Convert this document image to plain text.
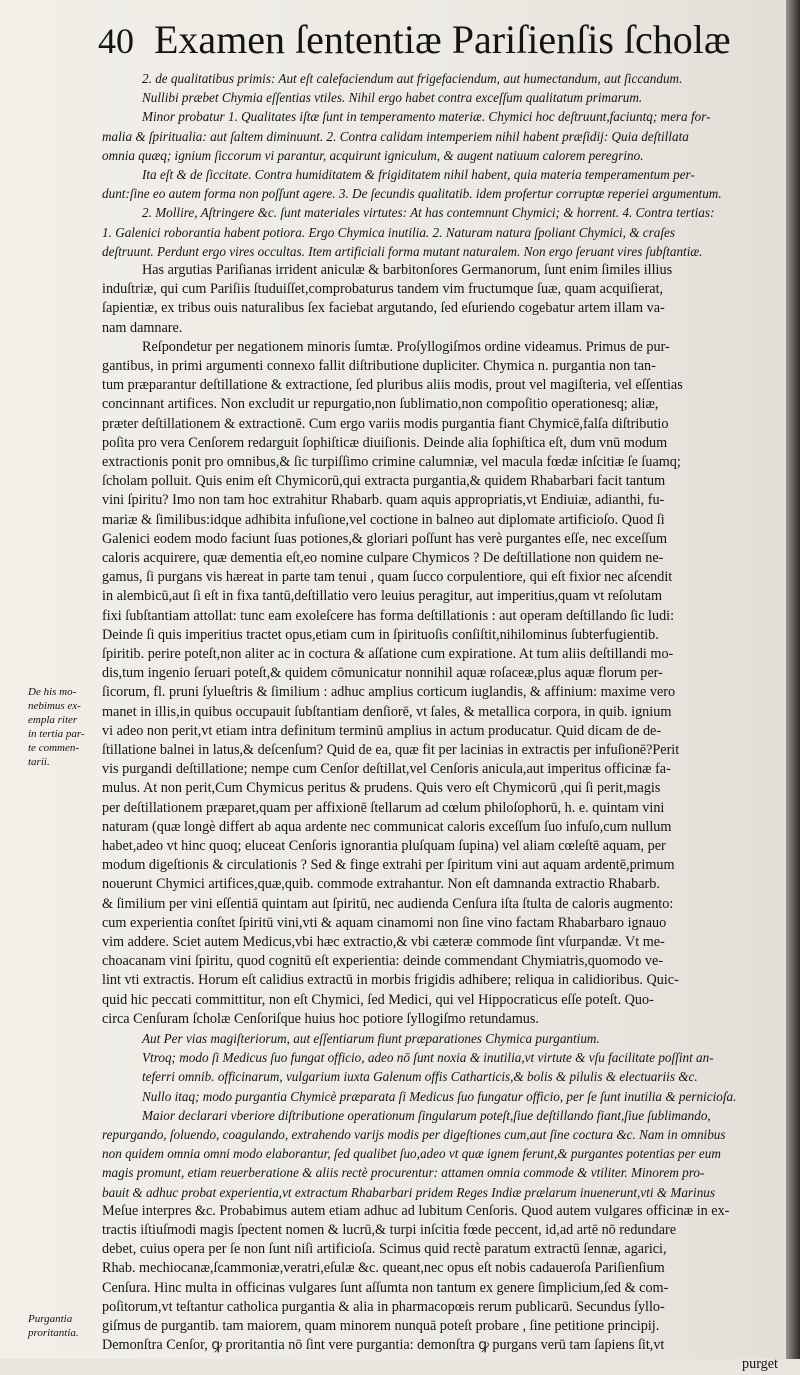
40 Examen ſententiæ Pariſienſis ſcholæ
2. de qualitatibus primis: Aut eſt calefaciendum aut frigefaciendum, aut humectandum, aut ſiccandum.
Nullibi præbet Chymia eſſentias vtiles. Nihil ergo habet contra exceſſum qualitatum primarum.
Minor probatur 1. Qualitates iſtæ ſunt in temperamento materiæ. Chymici hoc deſtruunt,faciuntq; mera for-
malia & ſpiritualia: aut ſaltem diminuunt. 2. Contra calidam intemperiem nihil habent præſidij: Quia deſtillata
omnia quæq; ignium ſiccorum vi parantur, acquirunt igniculum, & augent natiuum calorem peregrino.
Ita eſt & de ſiccitate. Contra humiditatem & frigiditatem nihil habent, quia materia temperamentum per-
dunt:ſine eo autem forma non poſſunt agere. 3. De ſecundis qualitatib. idem profertur corruptæ reperiei argumentum.
2. Mollire, Aſtringere &c. ſunt materiales virtutes: At has contemnunt Chymici; & horrent. 4. Contra tertias:
1. Galenici roborantia habent potiora. Ergo Chymica inutilia. 2. Naturam natura ſpoliant Chymici, & craſes
deſtruunt. Perdunt ergo vires occultas. Item artificiali forma mutant naturalem. Non ergo ſeruant vires ſubſtantiæ.
Has argutias Pariſianas irrident aniculæ & barbitonſores Germanorum, ſunt enim ſimiles illius
induſtriæ, qui cum Pariſiis ſtuduiſſet,comprobaturus tandem vim fructumque ſuæ, quam acquiſierat,
ſapientiæ, ex tribus ouis naturalibus ſex faciebat argutando, ſed eſuriendo cogebatur artem illam va-
nam damnare.
Reſpondetur per negationem minoris ſumtæ. Proſyllogiſmos ordine videamus. Primus de pur-
gantibus, in primi argumenti connexo fallit diſtributione dupliciter. Chymica n. purgantia non tan-
tum præparantur deſtillatione & extractione, ſed pluribus aliis modis, prout vel magiſteria, vel eſſentias
concinnant artifices. Non excludit ur repurgatio,non ſublimatio,non compoſitio operationesq; aliæ,
præter deſtillationem & extractionē. Cum ergo variis modis purgantia fiant Chymicē,falſa diſtributio
poſita pro vera Cenſorem redarguit ſophiſticæ diuiſionis. Deinde alia ſophiſtica eſt, dum vnū modum
extractionis ponit pro omnibus,& ſic turpiſſimo crimine calumniæ, vel macula fœdæ inſcitiæ ſe ſuamq;
ſcholam polluit. Quis enim eſt Chymicorū,qui extracta purgantia,& quidem Rhabarbari facit tantum
vini ſpiritu? Imo non tam hoc extrahitur Rhabarb. quam aquis appropriatis,vt Endiuiæ, adianthi, fu-
mariæ & ſimilibus:idque adhibita infuſione,vel coctione in balneo aut diplomate artificioſo. Quod ſi
Galenici eodem modo faciunt ſuas potiones,& gloriari poſſunt has verè purgantes eſſe, nec exceſſum
caloris acquirere, quæ dementia eſt,eo nomine culpare Chymicos ? De deſtillatione non quidem ne-
gamus, ſi purgans vis hæreat in parte tam tenui , quam ſucco corpulentiore, qui eſt fixior nec aſcendit
in alembicū,aut ſi eſt in fixa tantū,deſtillatio vero leuius peragitur, aut imperitius,quam vt reſolutam
fixi ſubſtantiam attollat: tunc eam exoleſcere has forma deſtillationis : aut operam deſtillando ſic ludi:
Deinde ſi quis imperitius tractet opus,etiam cum in ſpirituoſis conſiſtit,nihilominus ſubterfugientib.
ſpiritib. perire poteſt,non aliter ac in coctura & aſſatione cum expiratione. At tum aliis deſtillandi mo-
dis,tum ingenio ſeruari poteſt,& quidem cōmunicatur nonnihil aquæ roſaceæ,plus aquæ florum per-
ſicorum, fl. pruni ſylueſtris & ſimilium : adhuc amplius corticum iuglandis, & affinium: maxime vero
manet in illis,in quibus occupauit ſubſtantiam denſiorē, vt ſales, & metallica corpora, in quib. ignium
vi adeo non perit,vt etiam intra definitum terminū amplius in actum producatur. Quid dicam de de-
ſtillatione balnei in latus,& deſcenſum? Quid de ea, quæ fit per lacinias in extractis per infuſionē?Perit
vis purgandi deſtillatione; nempe cum Cenſor deſtillat,vel Cenſoris anicula,aut imperitus officinæ fa-
mulus. At non perit,Cum Chymicus peritus & prudens. Quis vero eſt Chymicorū ,qui ſi perit,magis
per deſtillationem præparet,quam per affixionē ſtellarum ad cœlum philoſophorū, h. e. quintam vini
naturam (quæ longè differt ab aqua ardente nec communicat caloris exceſſum ſuo infuſo,cum nullum
habet,adeo vt hinc quoq; eluceat Cenſoris ignorantia pluſquam ſupina) vel aliam cœleſtē aquam, per
modum digeſtionis & circulationis ? Sed & finge extrahi per ſpiritum vini aut aquam ardentē,primum
nouerunt Chymici artifices,quæ,quib. commode extrahantur. Non eſt damnanda extractio Rhabarb.
& ſimilium per vini eſſentiā quintam aut ſpiritū, nec audienda Cenſura iſta ſtulta de caloris augmento:
cum experientia conſtet ſpiritū vini,vti & aquam cinamomi non ſine vino factam Rhabarbaro ignauo
vim addere. Sciet autem Medicus,vbi hæc extractio,& vbi cæteræ commode ſint vſurpandæ. Vt me-
choacanam vini ſpiritu, quod cognitū eſt experientia: deinde commendant Chymiatris,quomodo ve-
lint vti extractis. Horum eſt calidius extractū in morbis frigidis adhibere; reliqua in calidioribus. Quic-
quid hic peccati committitur, non eſt Chymici, ſed Medici, qui vel Hippocraticus eſſe poteſt. Quo-
circa Cenſuram ſcholæ Cenſoriſque huius hoc potiore ſyllogiſmo retundamus.
Aut Per vias magiſteriorum, aut eſſentiarum fiunt præparationes Chymica purgantium.
Vtroq; modo ſi Medicus ſuo fungat officio, adeo nō ſunt noxia & inutilia,vt virtute & vſu facilitate poſſint an-
teferri omnib. officinarum, vulgarium iuxta Galenum offis Catharticis,& bolis & pilulis & electuariis &c.
Nullo itaq; modo purgantia Chymicè præparata ſi Medicus ſuo fungatur officio, per ſe ſunt inutilia & pernicioſa.
Maior declarari vberiore diſtributione operationum ſingularum poteſt,ſiue deſtillando fiant,ſiue ſublimando,
repurgando, ſoluendo, coagulando, extrahendo varijs modis per digeſtiones cum,aut ſine coctura &c. Nam in omnibus
non quidem omnia omni modo elaborantur, ſed qualibet ſuo,adeo vt quæ ignem ferunt,& purgantes potentias per eum
magis promunt, etiam reuerberatione & aliis rectè procurentur: attamen omnia commode & vtiliter. Minorem pro-
bauit & adhuc probat experientia,vt extractum Rhabarbari pridem Reges Indiæ prælarum inuenerunt,vti & Marinus
Meſue interpres &c. Probabimus autem etiam adhuc ad lubitum Cenſoris. Quod autem vulgares officinæ in ex-
tractis iſtiuſmodi magis ſpectent nomen & lucrū,& turpi inſcitia fœde peccent, id,ad artē nō redundare
debet, cuius opera per ſe non ſunt niſi artificioſa. Scimus quid rectè paratum extractū ſennæ, agarici,
Rhab. mechiocanæ,ſcammoniæ,veratri,eſulæ &c. queant,nec opus eſt nobis cadaueroſa Pariſienſium
Cenſura. Hinc multa in officinas vulgares ſunt aſſumta non tantum ex genere ſimplicium,ſed & com-
poſitorum,vt teſtantur catholica purgantia & alia in pharmacopœis rerum publicarū. Secundus ſyllo-
giſmus de purgantib. tam maiorem, quam minorem nunquā poteſt probare , ſine petitione principij.
Demonſtra Cenſor, ꝙ proritantia nō ſint vere purgantia: demonſtra ꝙ purgans verū tam ſapiens ſit,vt
purget
De his mo-
nebimus ex-
empla riter
in tertia par-
te commen-
tarii.
Purgantia
proritantia.
